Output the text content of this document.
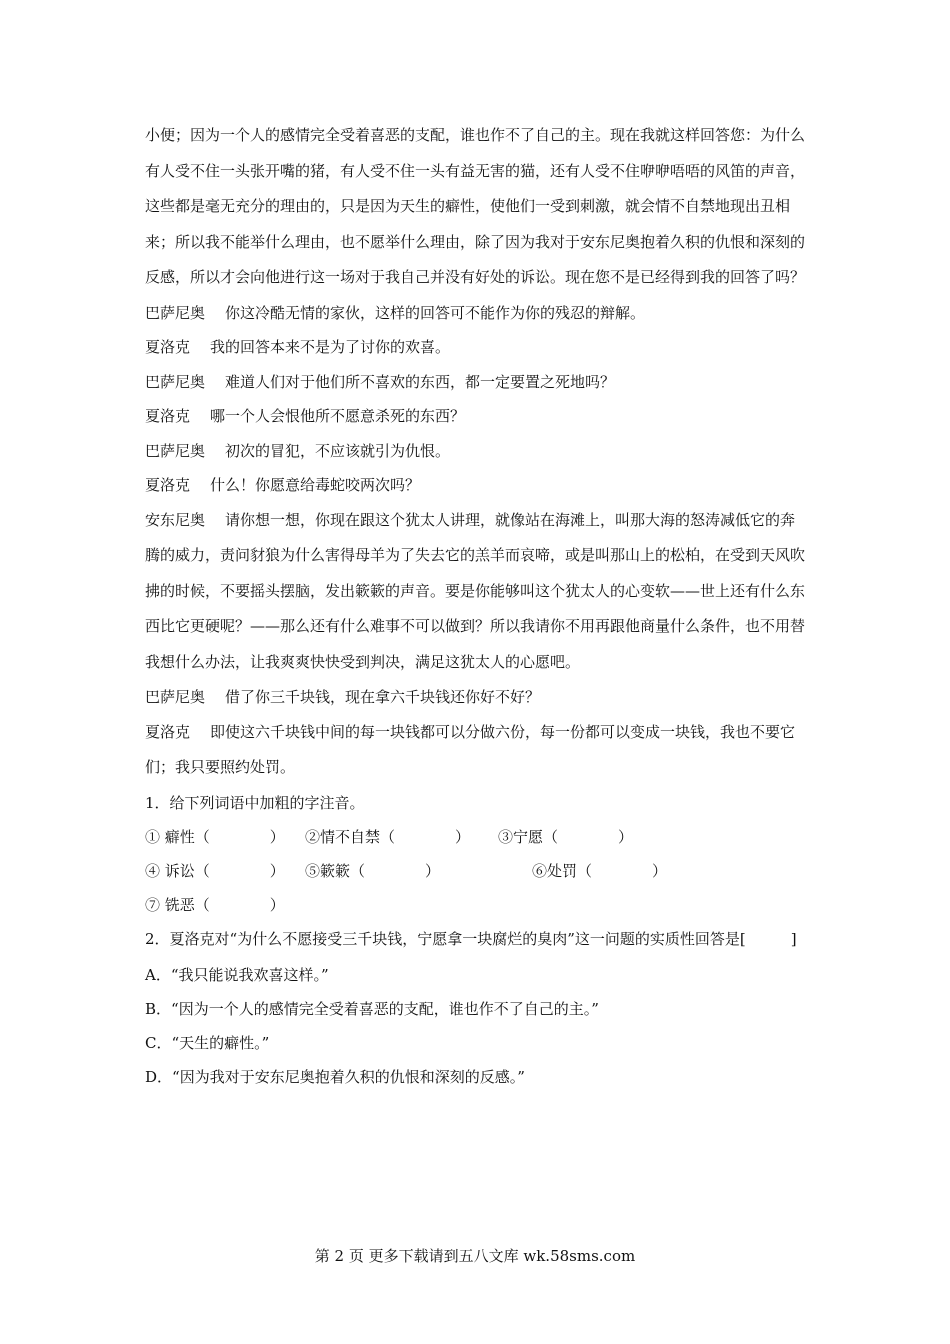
小便；因为一个人的感情完全受着喜恶的支配，谁也作不了自己的主。现在我就这样回答您：为什么有人受不住一头张开嘴的猪，有人受不住一头有益无害的猫，还有人受不住咿咿唔唔的风笛的声音，这些都是毫无充分的理由的，只是因为天生的癖性，使他们一受到刺激，就会情不自禁地现出丑相来；所以我不能举什么理由，也不愿举什么理由，除了因为我对于安东尼奥抱着久积的仇恨和深刻的反感，所以才会向他进行这一场对于我自己并没有好处的诉讼。现在您不是已经得到我的回答了吗？

巴萨尼奥 你这冷酷无情的家伙，这样的回答可不能作为你的残忍的辩解。

夏洛克 我的回答本来不是为了讨你的欢喜。

巴萨尼奥 难道人们对于他们所不喜欢的东西，都一定要置之死地吗？

夏洛克 哪一个人会恨他所不愿意杀死的东西？

巴萨尼奥 初次的冒犯，不应该就引为仇恨。

夏洛克 什么！你愿意给毒蛇咬两次吗？

安东尼奥 请你想一想，你现在跟这个犹太人讲理，就像站在海滩上，叫那大海的怒涛减低它的奔腾的威力，责问豺狼为什么害得母羊为了失去它的羔羊而哀啼，或是叫那山上的松柏，在受到天风吹拂的时候，不要摇头摆脑，发出簌簌的声音。要是你能够叫这个犹太人的心变软——世上还有什么东西比它更硬呢？——那么还有什么难事不可以做到？所以我请你不用再跟他商量什么条件，也不用替我想什么办法，让我爽爽快快受到判决，满足这犹太人的心愿吧。

巴萨尼奥 借了你三千块钱，现在拿六千块钱还你好不好？

夏洛克 即使这六千块钱中间的每一块钱都可以分做六份，每一份都可以变成一块钱，我也不要它们；我只要照约处罚。

1．给下列词语中加粗的字注音。

① 癖性（　　　　） ②情不自禁（　　　　） ③宁愿（　　　　）
④ 诉讼（　　　　） ⑤簌簌（　　　　）	⑥处罚（　　　　）
⑦ 铣恶（　　　　）

2．夏洛克对“为什么不愿接受三千块钱，宁愿拿一块腐烂的臭肉”这一问题的实质性回答是[　　　]

A．“我只能说我欢喜这样。”

B．“因为一个人的感情完全受着喜恶的支配，谁也作不了自己的主。”

C．“天生的癖性。”

D．“因为我对于安东尼奥抱着久积的仇恨和深刻的反感。”

第 2 页 更多下载请到五八文库 wk.58sms.com
